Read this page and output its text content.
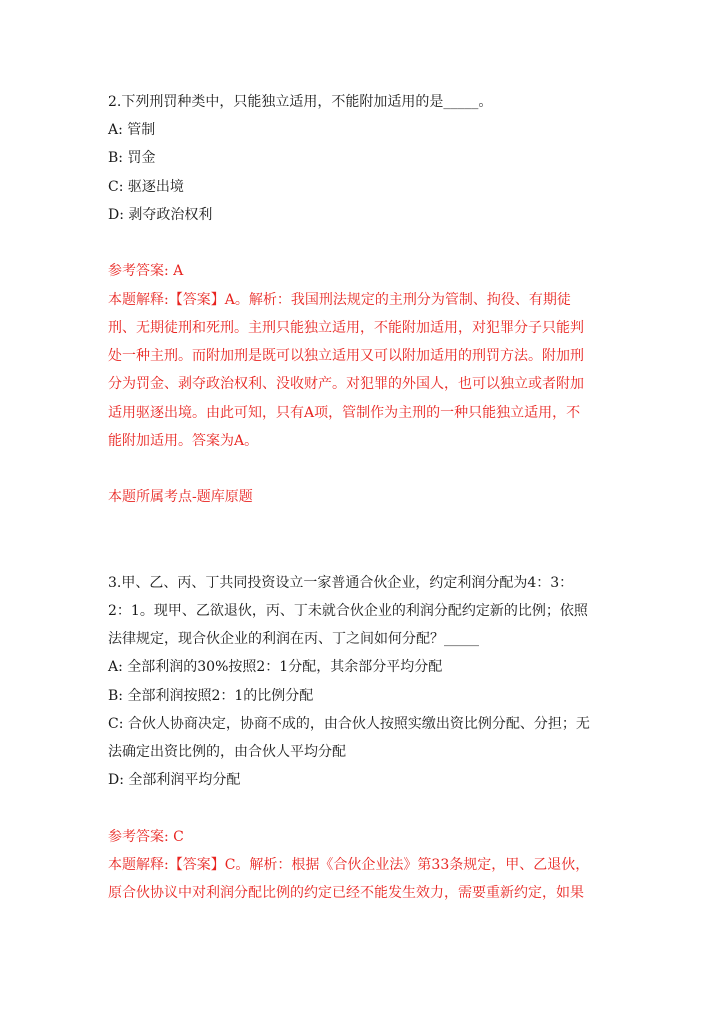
2.下列刑罚种类中，只能独立适用，不能附加适用的是_____。
A: 管制
B: 罚金
C: 驱逐出境
D: 剥夺政治权利
参考答案: A
本题解释:【答案】A。解析：我国刑法规定的主刑分为管制、拘役、有期徒
刑、无期徒刑和死刑。主刑只能独立适用，不能附加适用，对犯罪分子只能判
处一种主刑。而附加刑是既可以独立适用又可以附加适用的刑罚方法。附加刑
分为罚金、剥夺政治权利、没收财产。对犯罪的外国人，也可以独立或者附加
适用驱逐出境。由此可知，只有A项，管制作为主刑的一种只能独立适用，不
能附加适用。答案为A。
本题所属考点-题库原题
3.甲、乙、丙、丁共同投资设立一家普通合伙企业，约定利润分配为4：3：
2：1。现甲、乙欲退伙，丙、丁未就合伙企业的利润分配约定新的比例；依照
法律规定，现合伙企业的利润在丙、丁之间如何分配？_____
A: 全部利润的30%按照2：1分配，其余部分平均分配
B: 全部利润按照2：1的比例分配
C: 合伙人协商决定，协商不成的，由合伙人按照实缴出资比例分配、分担；无
法确定出资比例的，由合伙人平均分配
D: 全部利润平均分配
参考答案: C
本题解释:【答案】C。解析：根据《合伙企业法》第33条规定，甲、乙退伙，
原合伙协议中对利润分配比例的约定已经不能发生效力，需要重新约定，如果
